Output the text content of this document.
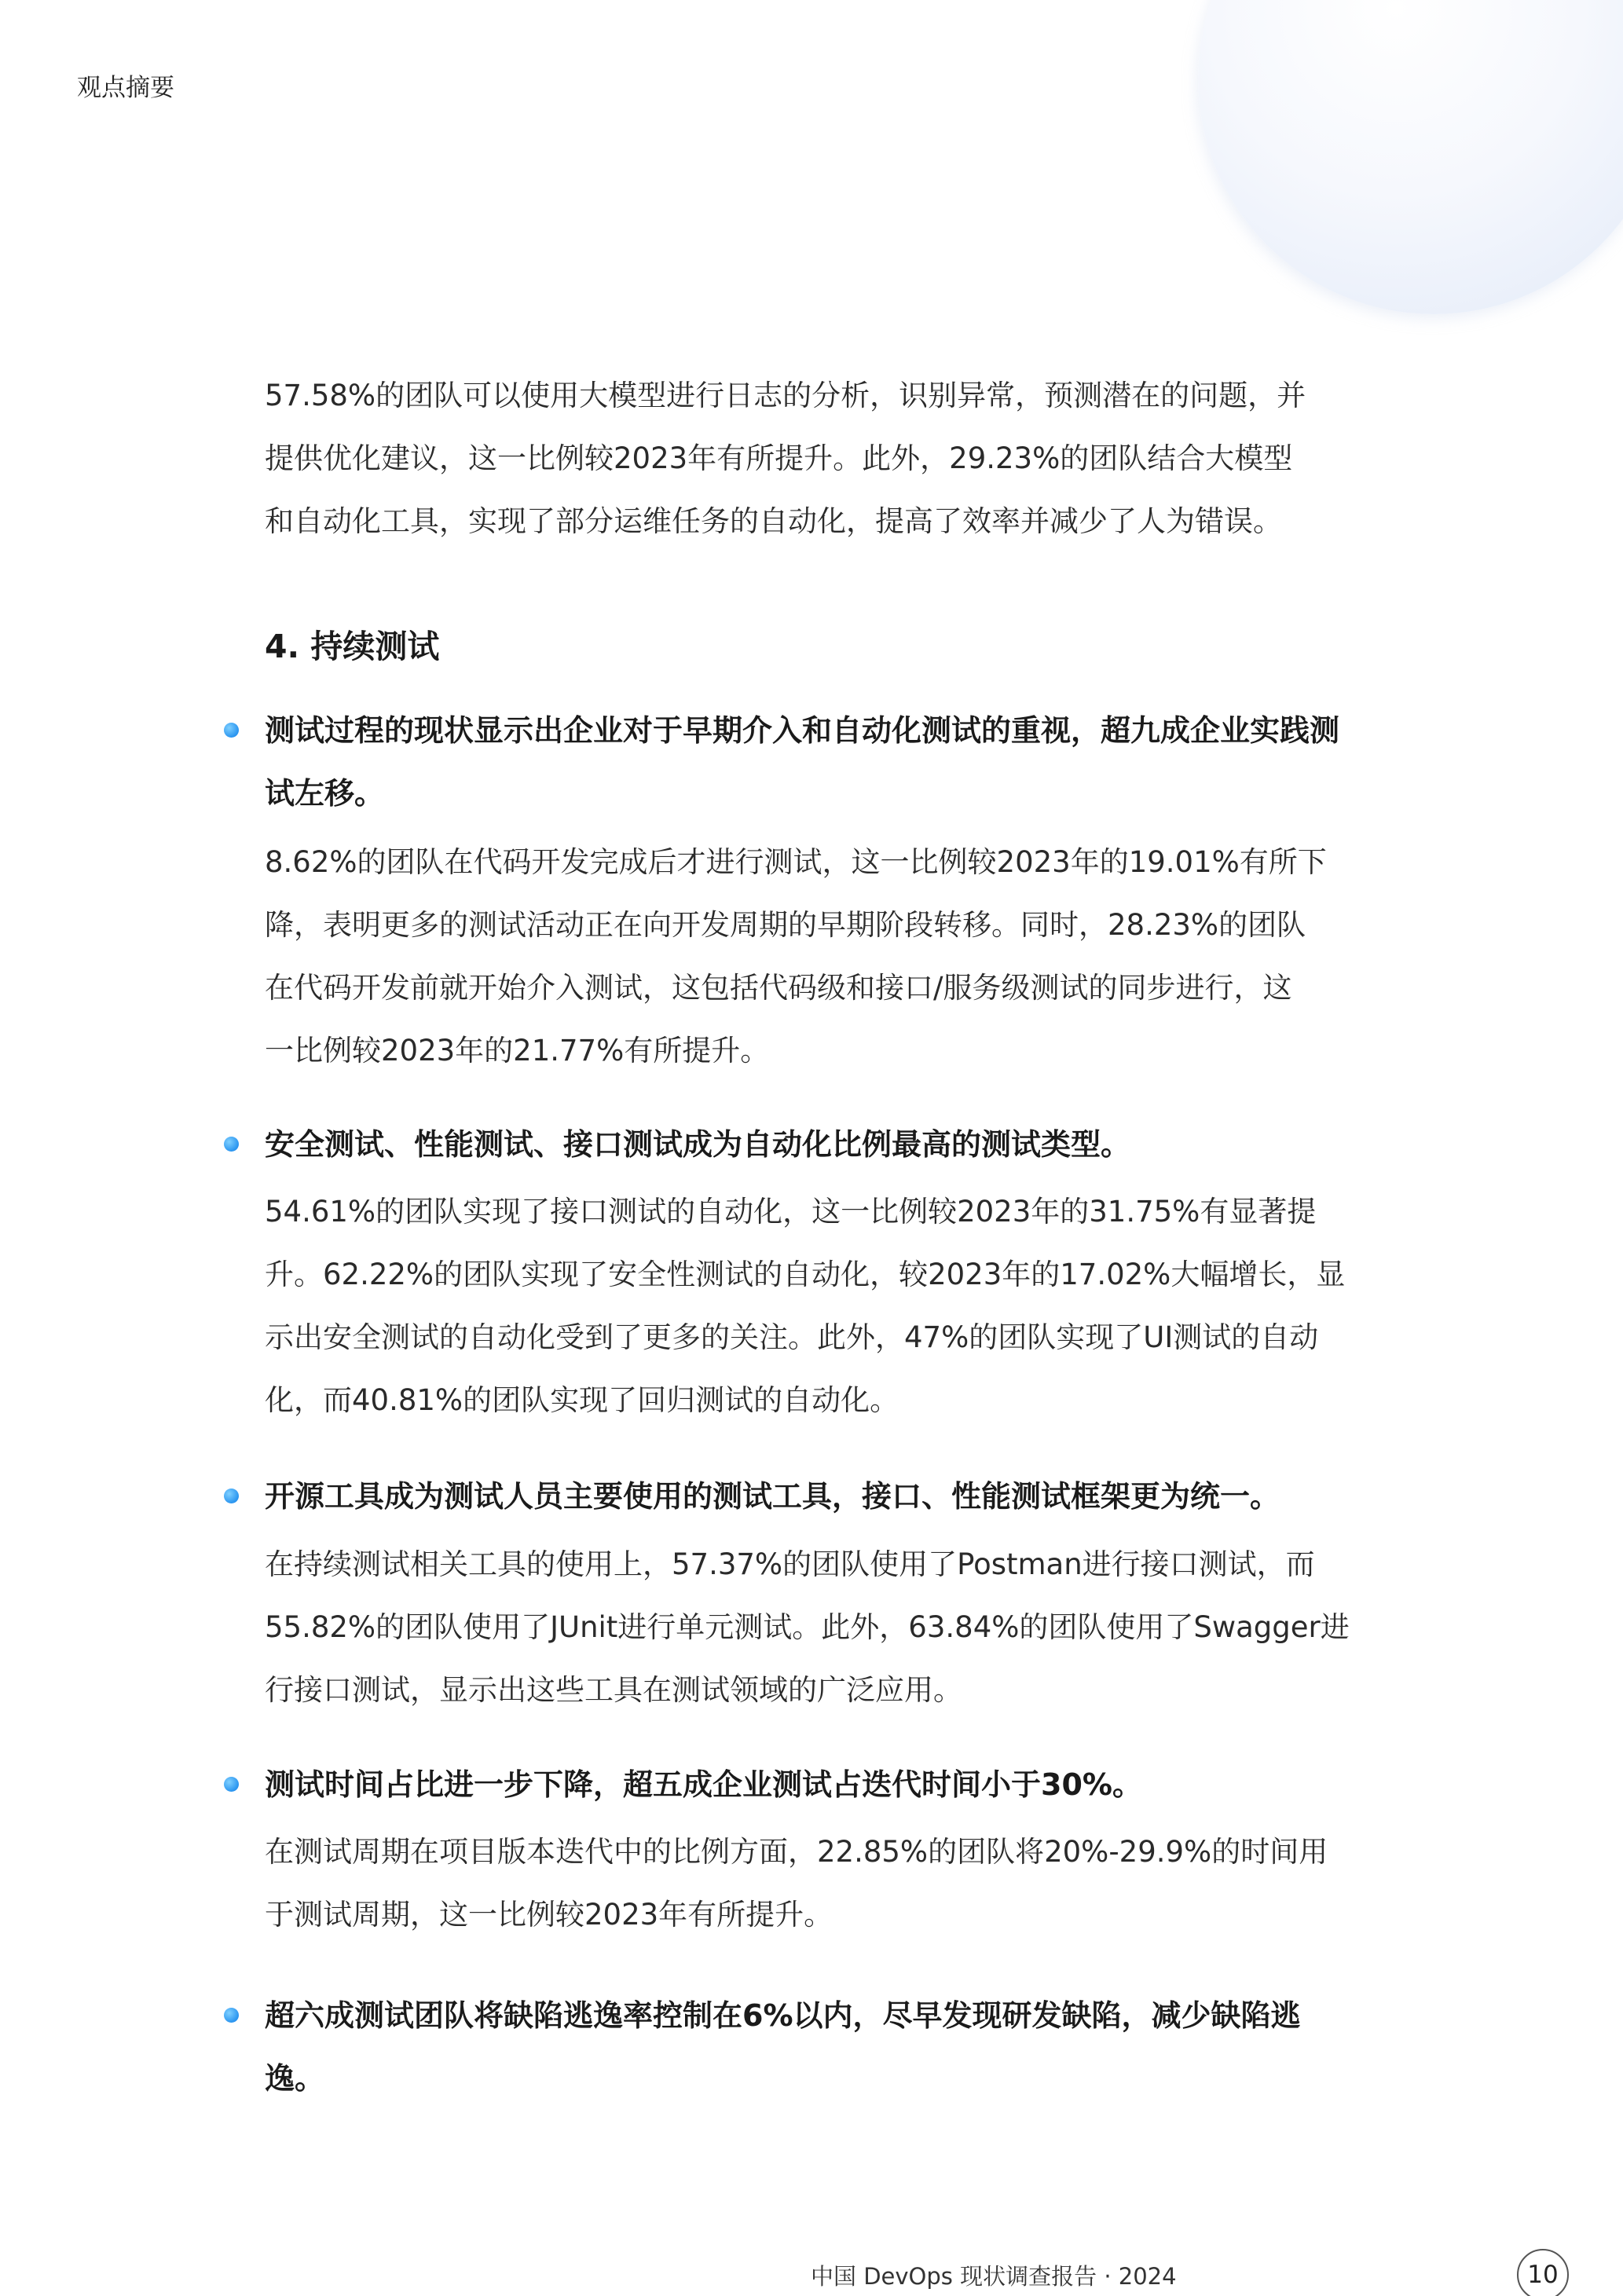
观点摘要

57.58%的团队可以使用大模型进行日志的分析，识别异常，预测潜在的问题，并

提供优化建议，这一比例较2023年有所提升。此外，29.23%的团队结合大模型

和自动化工具，实现了部分运维任务的自动化，提高了效率并减少了人为错误。

4. 持续测试

测试过程的现状显示出企业对于早期介入和自动化测试的重视，超九成企业实践测

试左移。

8.62%的团队在代码开发完成后才进行测试，这一比例较2023年的19.01%有所下

降，表明更多的测试活动正在向开发周期的早期阶段转移。同时，28.23%的团队

在代码开发前就开始介入测试，这包括代码级和接口/服务级测试的同步进行，这

一比例较2023年的21.77%有所提升。

安全测试、性能测试、接口测试成为自动化比例最高的测试类型。

54.61%的团队实现了接口测试的自动化，这一比例较2023年的31.75%有显著提

升。62.22%的团队实现了安全性测试的自动化，较2023年的17.02%大幅增长，显

示出安全测试的自动化受到了更多的关注。此外，47%的团队实现了UI测试的自动

化，而40.81%的团队实现了回归测试的自动化。

开源工具成为测试人员主要使用的测试工具，接口、性能测试框架更为统一。

在持续测试相关工具的使用上，57.37%的团队使用了Postman进行接口测试，而

55.82%的团队使用了JUnit进行单元测试。此外，63.84%的团队使用了Swagger进

行接口测试，显示出这些工具在测试领域的广泛应用。

测试时间占比进一步下降，超五成企业测试占迭代时间小于30%。

在测试周期在项目版本迭代中的比例方面，22.85%的团队将20%-29.9%的时间用

于测试周期，这一比例较2023年有所提升。

超六成测试团队将缺陷逃逸率控制在6%以内，尽早发现研发缺陷，减少缺陷逃

逸。

中国 DevOps 现状调查报告 · 2024	10
